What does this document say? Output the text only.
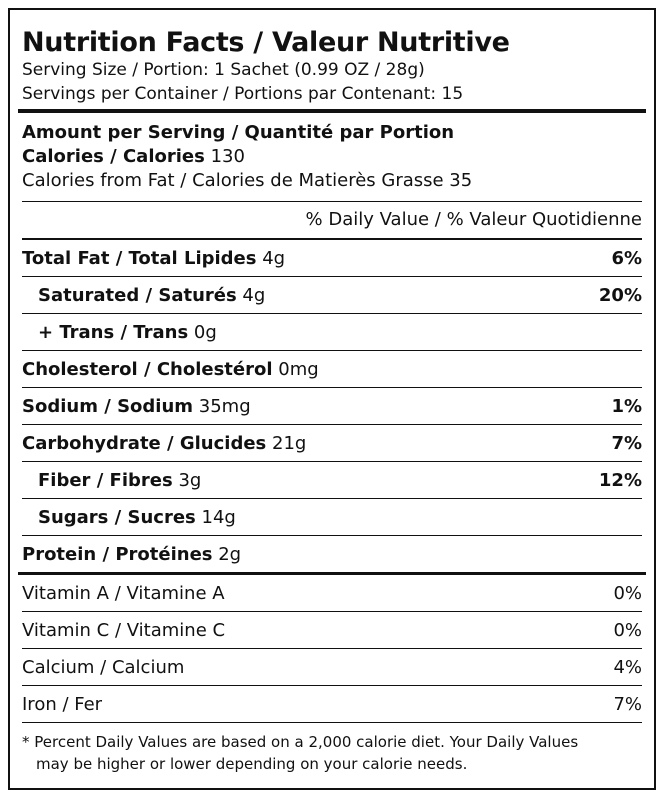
Nutrition Facts / Valeur Nutritive
Serving Size / Portion: 1 Sachet (0.99 OZ / 28g)
Servings per Container / Portions par Contenant: 15
Amount per Serving / Quantité par Portion
Calories / Calories 130
Calories from Fat / Calories de Matierès Grasse 35
% Daily Value / % Valeur Quotidienne
Total Fat / Total Lipides 4g	6%
Saturated / Saturés 4g	20%
+ Trans / Trans 0g
Cholesterol / Cholestérol 0mg
Sodium / Sodium 35mg	1%
Carbohydrate / Glucides 21g	7%
Fiber / Fibres 3g	12%
Sugars / Sucres 14g
Protein / Protéines 2g
Vitamin A / Vitamine A	0%
Vitamin C / Vitamine C	0%
Calcium / Calcium	4%
Iron / Fer	7%
* Percent Daily Values are based on a 2,000 calorie diet. Your Daily Values
may be higher or lower depending on your calorie needs.
